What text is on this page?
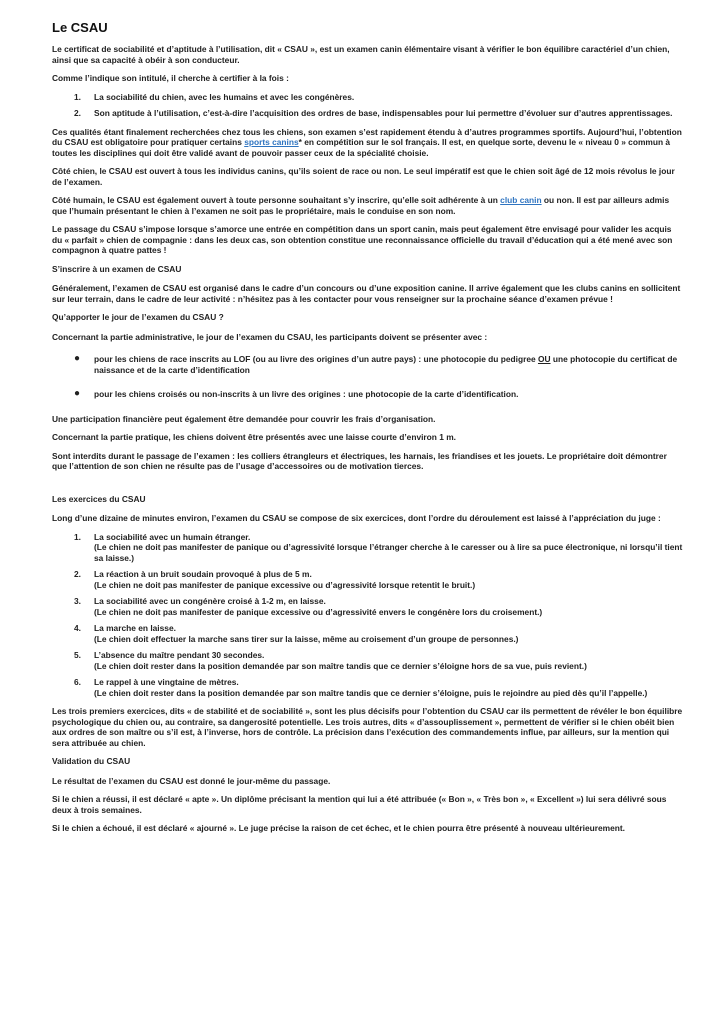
Le CSAU

Le certificat de sociabilité et d’aptitude à l’utilisation, dit « CSAU », est un examen canin élémentaire visant à vérifier le bon équilibre caractériel d’un chien, ainsi que sa capacité à obéir à son conducteur.

Comme l’indique son intitulé, il cherche à certifier à la fois :

1. La sociabilité du chien, avec les humains et avec les congénères.
2. Son aptitude à l’utilisation, c’est-à-dire l’acquisition des ordres de base, indispensables pour lui permettre d’évoluer sur d’autres apprentissages.

Ces qualités étant finalement recherchées chez tous les chiens, son examen s’est rapidement étendu à d’autres programmes sportifs. Aujourd’hui, l’obtention du CSAU est obligatoire pour pratiquer certains sports canins* en compétition sur le sol français. Il est, en quelque sorte, devenu le « niveau 0 » commun à toutes les disciplines qui doit être validé avant de pouvoir passer ceux de la spécialité choisie.

Côté chien, le CSAU est ouvert à tous les individus canins, qu’ils soient de race ou non. Le seul impératif est que le chien soit âgé de 12 mois révolus le jour de l’examen.

Côté humain, le CSAU est également ouvert à toute personne souhaitant s’y inscrire, qu’elle soit adhérente à un club canin ou non. Il est par ailleurs admis que l’humain présentant le chien à l’examen ne soit pas le propriétaire, mais le conduise en son nom.

Le passage du CSAU s’impose lorsque s’amorce une entrée en compétition dans un sport canin, mais peut également être envisagé pour valider les acquis du « parfait » chien de compagnie : dans les deux cas, son obtention constitue une reconnaissance officielle du travail d’éducation qui a été mené avec son compagnon à quatre pattes !

S’inscrire à un examen de CSAU

Généralement, l’examen de CSAU est organisé dans le cadre d’un concours ou d’une exposition canine. Il arrive également que les clubs canins en sollicitent sur leur terrain, dans le cadre de leur activité : n’hésitez pas à les contacter pour vous renseigner sur la prochaine séance d’examen prévue !

Qu’apporter le jour de l’examen du CSAU ?

Concernant la partie administrative, le jour de l’examen du CSAU, les participants doivent se présenter avec :

● pour les chiens de race inscrits au LOF (ou au livre des origines d’un autre pays) : une photocopie du pedigree OU une photocopie du certificat de naissance et de la carte d’identification
● pour les chiens croisés ou non-inscrits à un livre des origines : une photocopie de la carte d’identification.

Une participation financière peut également être demandée pour couvrir les frais d’organisation.

Concernant la partie pratique, les chiens doivent être présentés avec une laisse courte d’environ 1 m.

Sont interdits durant le passage de l’examen : les colliers étrangleurs et électriques, les harnais, les friandises et les jouets. Le propriétaire doit démontrer que l’attention de son chien ne résulte pas de l’usage d’accessoires ou de motivation tierces.

Les exercices du CSAU

Long d’une dizaine de minutes environ, l’examen du CSAU se compose de six exercices, dont l’ordre du déroulement est laissé à l’appréciation du juge :

1. La sociabilité avec un humain étranger.
(Le chien ne doit pas manifester de panique ou d’agressivité lorsque l’étranger cherche à le caresser ou à lire sa puce électronique, ni lorsqu’il tient sa laisse.)
2. La réaction à un bruit soudain provoqué à plus de 5 m.
(Le chien ne doit pas manifester de panique excessive ou d’agressivité lorsque retentit le bruit.)
3. La sociabilité avec un congénère croisé à 1-2 m, en laisse.
(Le chien ne doit pas manifester de panique excessive ou d’agressivité envers le congénère lors du croisement.)
4. La marche en laisse.
(Le chien doit effectuer la marche sans tirer sur la laisse, même au croisement d’un groupe de personnes.)
5. L’absence du maître pendant 30 secondes.
(Le chien doit rester dans la position demandée par son maître tandis que ce dernier s’éloigne hors de sa vue, puis revient.)
6. Le rappel à une vingtaine de mètres.
(Le chien doit rester dans la position demandée par son maître tandis que ce dernier s’éloigne, puis le rejoindre au pied dès qu’il l’appelle.)

Les trois premiers exercices, dits « de stabilité et de sociabilité », sont les plus décisifs pour l’obtention du CSAU car ils permettent de révéler le bon équilibre psychologique du chien ou, au contraire, sa dangerosité potentielle. Les trois autres, dits « d’assouplissement », permettent de vérifier si le chien obéit bien aux ordres de son maître ou s’il est, à l’inverse, hors de contrôle. La précision dans l’exécution des commandements influe, par ailleurs, sur la mention qui sera attribuée au chien.

Validation du CSAU

Le résultat de l’examen du CSAU est donné le jour-même du passage.

Si le chien a réussi, il est déclaré « apte ». Un diplôme précisant la mention qui lui a été attribuée (« Bon », « Très bon », « Excellent ») lui sera délivré sous deux à trois semaines.

Si le chien a échoué, il est déclaré « ajourné ». Le juge précise la raison de cet échec, et le chien pourra être présenté à nouveau ultérieurement.
